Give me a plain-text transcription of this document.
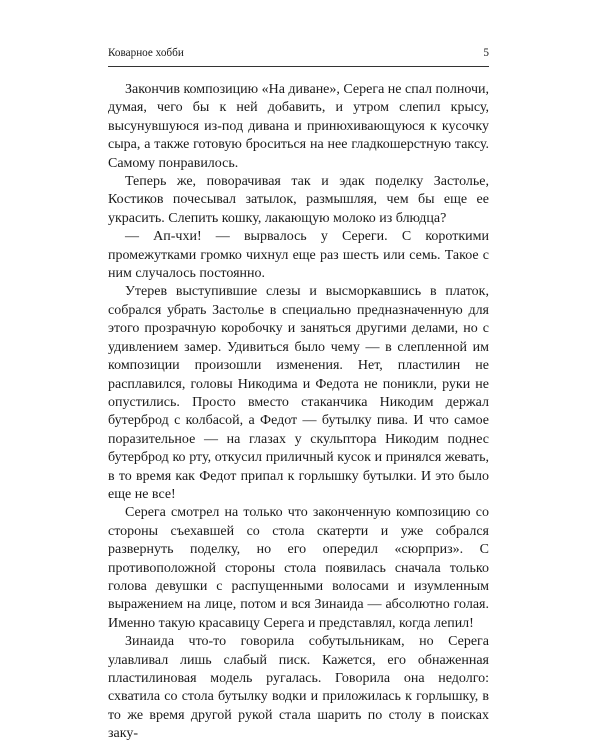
Коварное хобби	5

Закончив композицию «На диване», Серега не спал полночи, думая, чего бы к ней добавить, и утром слепил крысу, высунувшуюся из-под дивана и принюхивающуюся к кусочку сыра, а также готовую броситься на нее гладкошерстную таксу. Самому понравилось.

Теперь же, поворачивая так и эдак поделку Застолье, Костиков почесывал затылок, размышляя, чем бы еще ее украсить. Слепить кошку, лакающую молоко из блюдца?

— Ап-чхи! — вырвалось у Сереги. С короткими промежутками громко чихнул еще раз шесть или семь. Такое с ним случалось постоянно.

Утерев выступившие слезы и высморкавшись в платок, собрался убрать Застолье в специально предназначенную для этого прозрачную коробочку и заняться другими делами, но с удивлением замер. Удивиться было чему — в слепленной им композиции произошли изменения. Нет, пластилин не расплавился, головы Никодима и Федота не поникли, руки не опустились. Просто вместо стаканчика Никодим держал бутерброд с колбасой, а Федот — бутылку пива. И что самое поразительное — на глазах у скульптора Никодим поднес бутерброд ко рту, откусил приличный кусок и принялся жевать, в то время как Федот припал к горлышку бутылки. И это было еще не все!

Серега смотрел на только что законченную композицию со стороны съехавшей со стола скатерти и уже собрался развернуть поделку, но его опередил «сюрприз». С противоположной стороны стола появилась сначала только голова девушки с распущенными волосами и изумленным выражением на лице, потом и вся Зинаида — абсолютно голая. Именно такую красавицу Серега и представлял, когда лепил!

Зинаида что-то говорила собутыльникам, но Серега улавливал лишь слабый писк. Кажется, его обнаженная пластилиновая модель ругалась. Говорила она недолго: схватила со стола бутылку водки и приложилась к горлышку, в то же время другой рукой стала шарить по столу в поисках заку-
